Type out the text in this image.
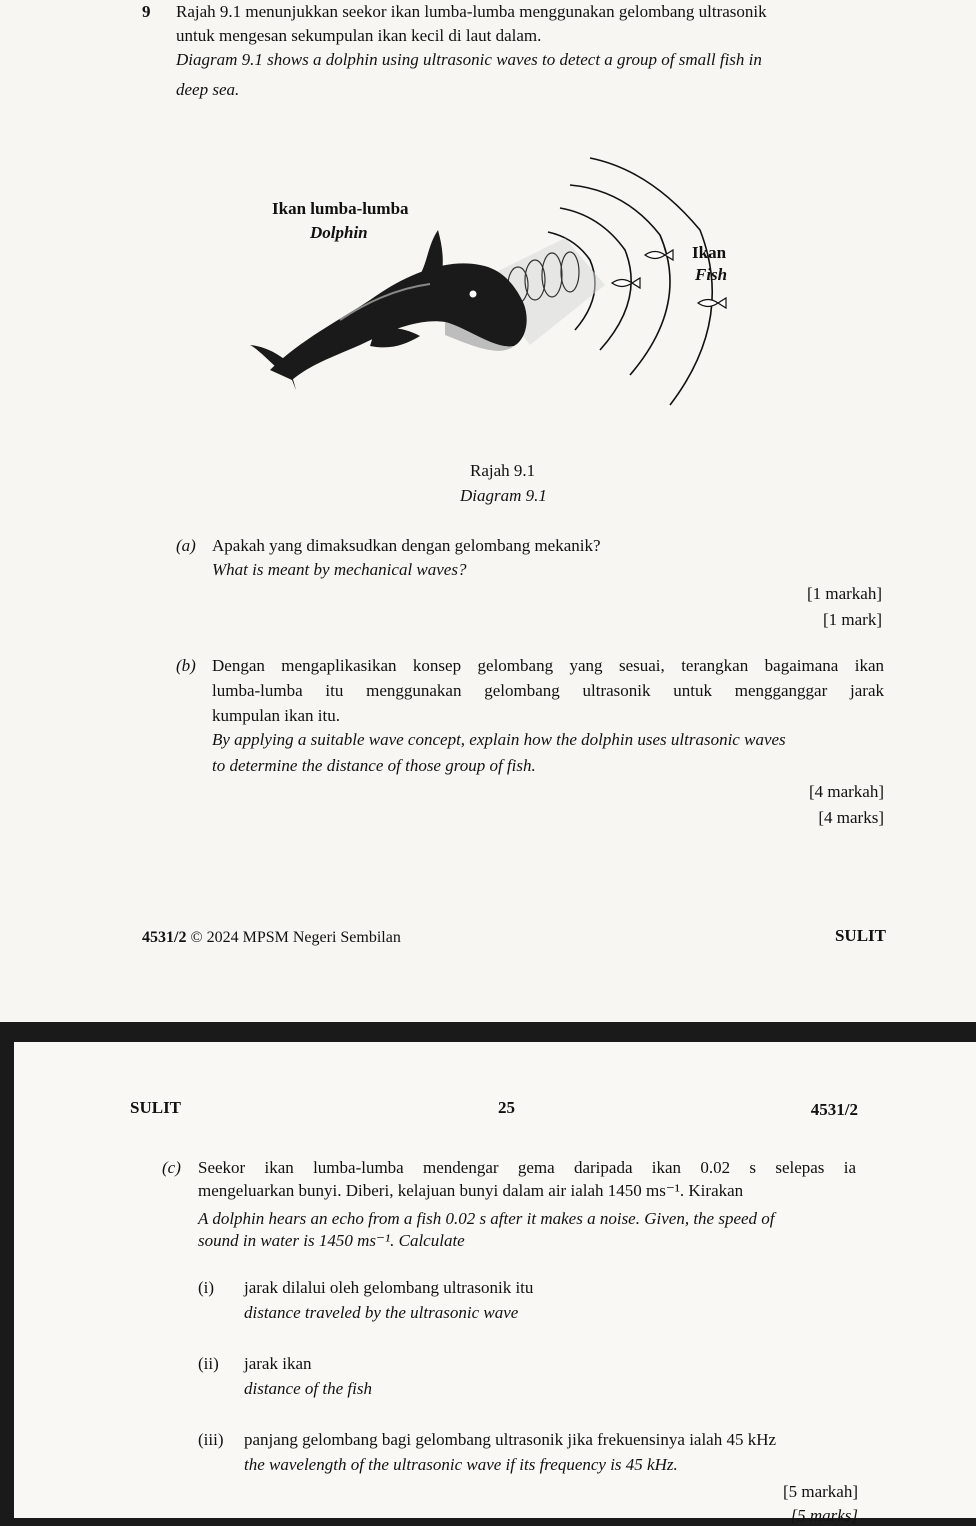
9 Rajah 9.1 menunjukkan seekor ikan lumba-lumba menggunakan gelombang ultrasonik
untuk mengesan sekumpulan ikan kecil di laut dalam.
Diagram 9.1 shows a dolphin using ultrasonic waves to detect a group of small fish in
deep sea.
Ikan lumba-lumba
Dolphin
Ikan
Fish
Rajah 9.1
Diagram 9.1
(a) Apakah yang dimaksudkan dengan gelombang mekanik?
What is meant by mechanical waves?
[1 markah]
[1 mark]
(b) Dengan mengaplikasikan konsep gelombang yang sesuai, terangkan bagaimana ikan
lumba-lumba itu menggunakan gelombang ultrasonik untuk mengganggar jarak
kumpulan ikan itu.
By applying a suitable wave concept, explain how the dolphin uses ultrasonic waves
to determine the distance of those group of fish.
[4 markah]
[4 marks]
4531/2 © 2024 MPSM Negeri Sembilan	SULIT
SULIT	25	4531/2
(c) Seekor ikan lumba-lumba mendengar gema daripada ikan 0.02 s selepas ia
mengeluarkan bunyi. Diberi, kelajuan bunyi dalam air ialah 1450 ms⁻¹. Kirakan
A dolphin hears an echo from a fish 0.02 s after it makes a noise. Given, the speed of
sound in water is 1450 ms⁻¹. Calculate
(i) jarak dilalui oleh gelombang ultrasonik itu
distance traveled by the ultrasonic wave
(ii) jarak ikan
distance of the fish
(iii) panjang gelombang bagi gelombang ultrasonik jika frekuensinya ialah 45 kHz
the wavelength of the ultrasonic wave if its frequency is 45 kHz.
[5 markah]
[5 marks]
